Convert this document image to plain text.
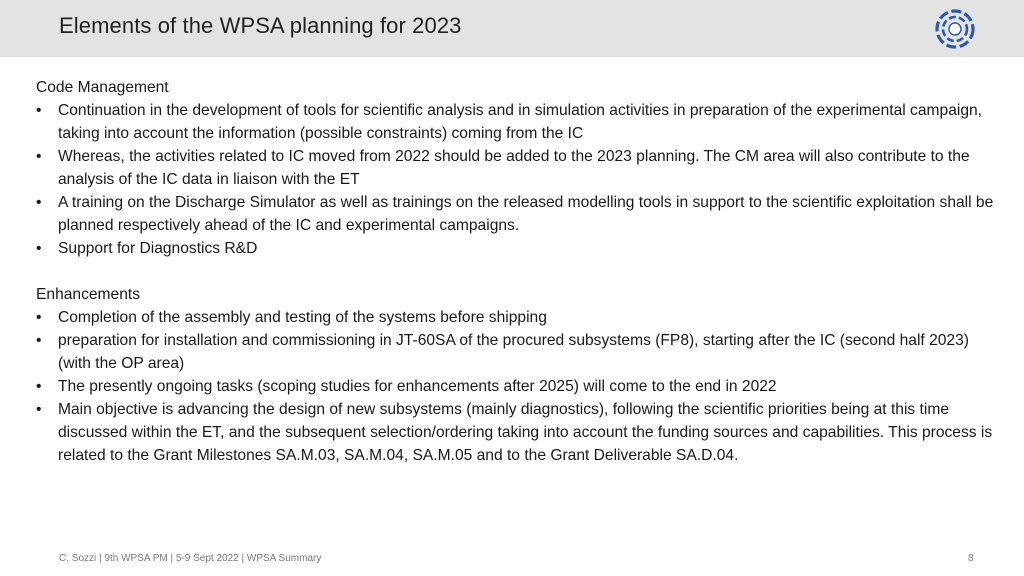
Elements of the WPSA planning for 2023
Code Management
• Continuation in the development of tools for scientific analysis and in simulation activities in preparation of the experimental campaign, taking into account the information (possible constraints) coming from the IC
• Whereas, the activities related to IC moved from 2022 should be added to the 2023 planning. The CM area will also contribute to the analysis of the IC data in liaison with the ET
• A training on the Discharge Simulator as well as trainings on the released modelling tools in support to the scientific exploitation shall be planned respectively ahead of the IC and experimental campaigns.
• Support for Diagnostics R&D
Enhancements
• Completion of the assembly and testing of the systems before shipping
• preparation for installation and commissioning in JT-60SA of the procured subsystems (FP8), starting after the IC (second half 2023) (with the OP area)
• The presently ongoing tasks (scoping studies for enhancements after 2025) will come to the end in 2022
• Main objective is advancing the design of new subsystems (mainly diagnostics), following the scientific priorities being at this time discussed within the ET, and the subsequent selection/ordering taking into account the funding sources and capabilities. This process is related to the Grant Milestones SA.M.03, SA.M.04, SA.M.05 and to the Grant Deliverable SA.D.04.
C. Sozzi | 9th WPSA PM | 5-9 Sept 2022 | WPSA Summary	8
